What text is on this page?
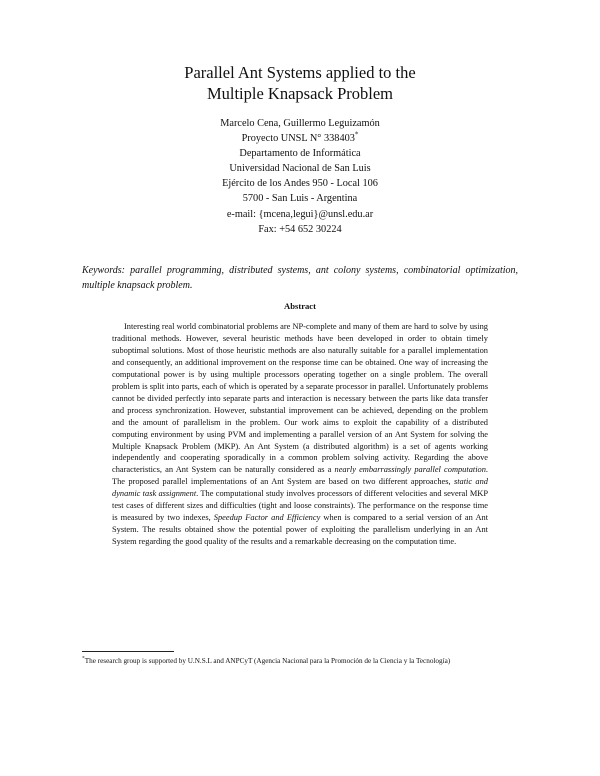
Parallel Ant Systems applied to the
Multiple Knapsack Problem
Marcelo Cena, Guillermo Leguizamón
Proyecto UNSL N° 338403*
Departamento de Informática
Universidad Nacional de San Luis
Ejército de los Andes 950 - Local 106
5700 - San Luis - Argentina
e-mail: {mcena,legui}@unsl.edu.ar
Fax: +54 652 30224
Keywords: parallel programming, distributed systems, ant colony systems, combinatorial optimization, multiple knapsack problem.
Abstract

Interesting real world combinatorial problems are NP-complete and many of them are hard to solve by using traditional methods. However, several heuristic methods have been developed in order to obtain timely suboptimal solutions. Most of those heuristic methods are also naturally suitable for a parallel implementation and consequently, an additional improvement on the response time can be obtained. One way of increasing the computational power is by using multiple processors operating together on a single problem. The overall problem is split into parts, each of which is operated by a separate processor in parallel. Unfortunately problems cannot be divided perfectly into separate parts and interaction is necessary between the parts like data transfer and process synchronization. However, substantial improvement can be achieved, depending on the problem and the amount of parallelism in the problem. Our work aims to exploit the capability of a distributed computing environment by using PVM and implementing a parallel version of an Ant System for solving the Multiple Knapsack Problem (MKP). An Ant System (a distributed algorithm) is a set of agents working independently and cooperating sporadically in a common problem solving activity. Regarding the above characteristics, an Ant System can be naturally considered as a nearly embarrassingly parallel computation. The proposed parallel implementations of an Ant System are based on two different approaches, static and dynamic task assignment. The computational study involves processors of different velocities and several MKP test cases of different sizes and difficulties (tight and loose constraints). The performance on the response time is measured by two indexes, Speedup Factor and Efficiency when is compared to a serial version of an Ant System. The results obtained show the potential power of exploiting the parallelism underlying in an Ant System regarding the good quality of the results and a remarkable decreasing on the computation time.

*The research group is supported by U.N.S.L and ANPCyT (Agencia Nacional para la Promoción de la Ciencia y la Tecnología)
